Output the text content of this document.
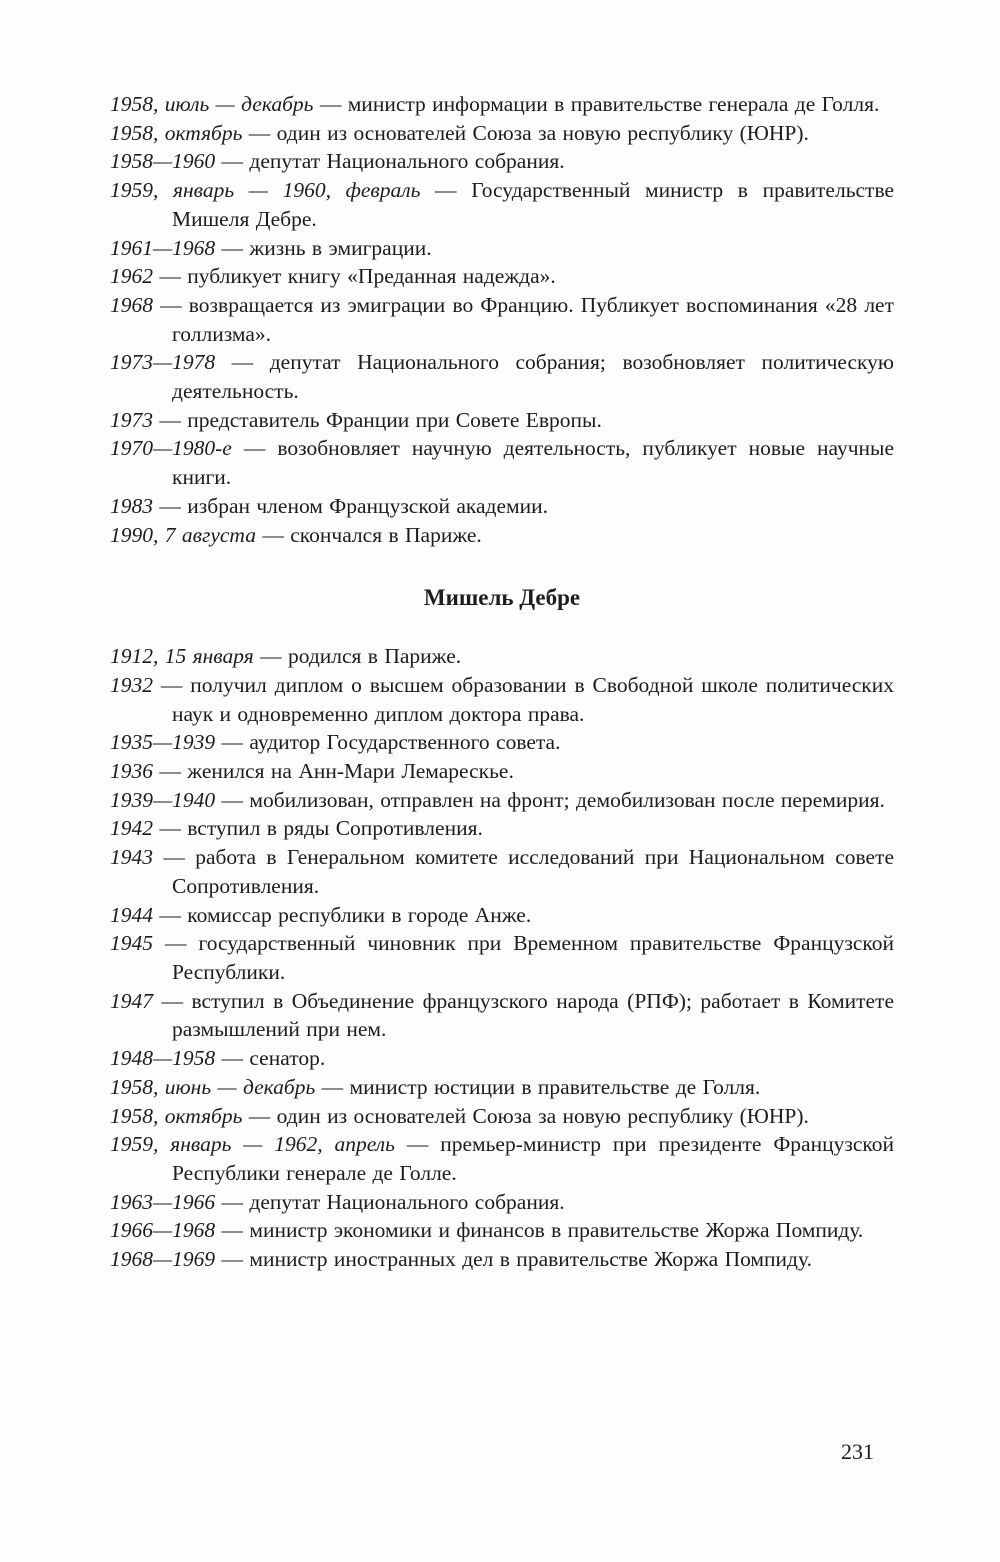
1958, июль — декабрь — министр информации в правительстве генерала де Голля.
1958, октябрь — один из основателей Союза за новую республику (ЮНР).
1958—1960 — депутат Национального собрания.
1959, январь — 1960, февраль — Государственный министр в правительстве Мишеля Дебре.
1961—1968 — жизнь в эмиграции.
1962 — публикует книгу «Преданная надежда».
1968 — возвращается из эмиграции во Францию. Публикует воспоминания «28 лет голлизма».
1973—1978 — депутат Национального собрания; возобновляет политическую деятельность.
1973 — представитель Франции при Совете Европы.
1970—1980-е — возобновляет научную деятельность, публикует новые научные книги.
1983 — избран членом Французской академии.
1990, 7 августа — скончался в Париже.
Мишель Дебре
1912, 15 января — родился в Париже.
1932 — получил диплом о высшем образовании в Свободной школе политических наук и одновременно диплом доктора права.
1935—1939 — аудитор Государственного совета.
1936 — женился на Анн-Мари Лемарескье.
1939—1940 — мобилизован, отправлен на фронт; демобилизован после перемирия.
1942 — вступил в ряды Сопротивления.
1943 — работа в Генеральном комитете исследований при Национальном совете Сопротивления.
1944 — комиссар республики в городе Анже.
1945 — государственный чиновник при Временном правительстве Французской Республики.
1947 — вступил в Объединение французского народа (РПФ); работает в Комитете размышлений при нем.
1948—1958 — сенатор.
1958, июнь — декабрь — министр юстиции в правительстве де Голля.
1958, октябрь — один из основателей Союза за новую республику (ЮНР).
1959, январь — 1962, апрель — премьер-министр при президенте Французской Республики генерале де Голле.
1963—1966 — депутат Национального собрания.
1966—1968 — министр экономики и финансов в правительстве Жоржа Помпиду.
1968—1969 — министр иностранных дел в правительстве Жоржа Помпиду.
231
